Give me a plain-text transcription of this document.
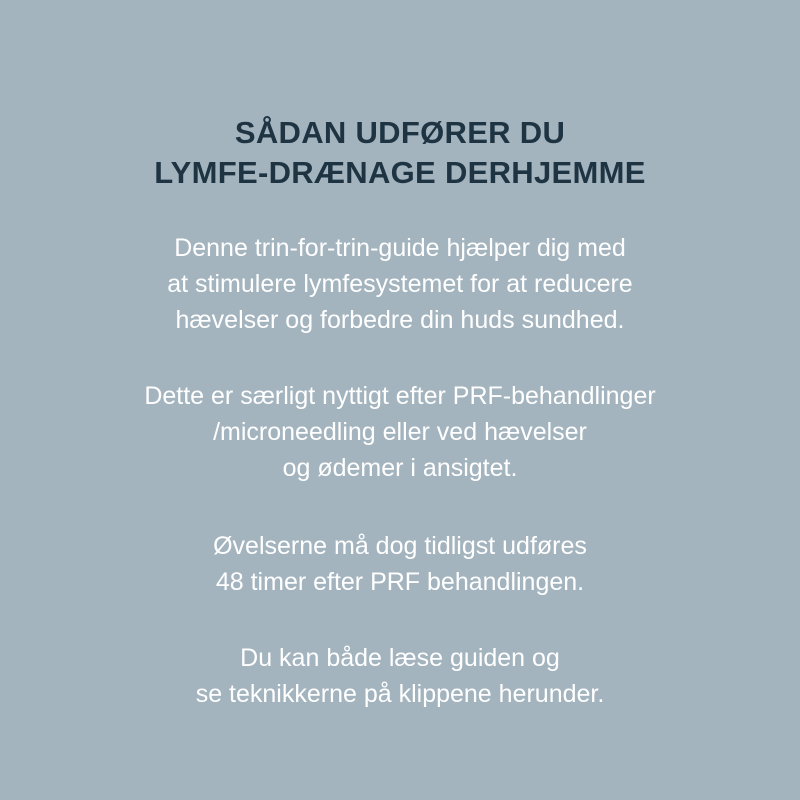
SÅDAN UDFØRER DU
LYMFE-DRÆNAGE DERHJEMME

Denne trin-for-trin-guide hjælper dig med
at stimulere lymfesystemet for at reducere
hævelser og forbedre din huds sundhed.

Dette er særligt nyttigt efter PRF-behandlinger
/microneedling eller ved hævelser
og ødemer i ansigtet.

Øvelserne må dog tidligst udføres
48 timer efter PRF behandlingen.

Du kan både læse guiden og
se teknikkerne på klippene herunder.
